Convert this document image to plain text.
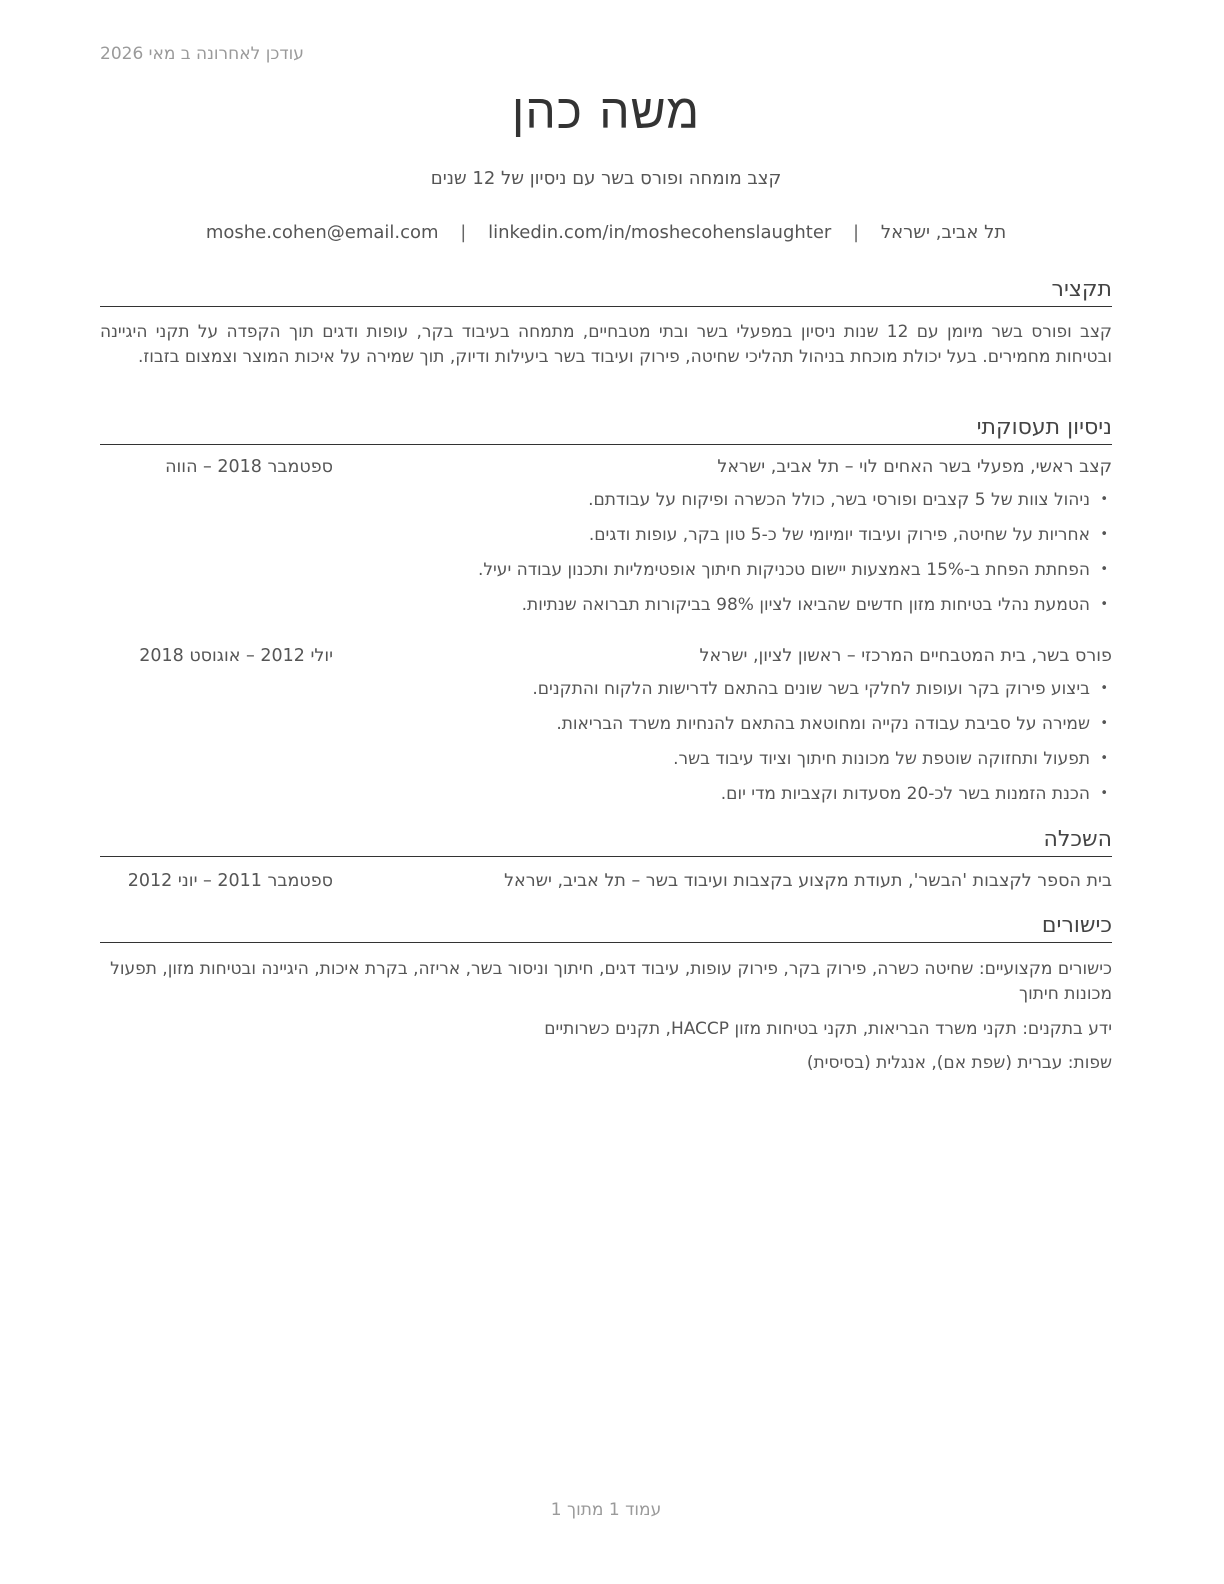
עודכן לאחרונה ב מאי 2026
משה כהן
קצב מומחה ופורס בשר עם ניסיון של 12 שנים
תל אביב, ישראל | moshe.cohen@email.com | linkedin.com/in/moshecohenslaughter
תקציר
קצב ופורס בשר מיומן עם 12 שנות ניסיון במפעלי בשר ובתי מטבחיים, מתמחה בעיבוד בקר, עופות ודגים תוך הקפדה על תקני היגיינה ובטיחות מחמירים. בעל יכולת מוכחת בניהול תהליכי שחיטה, פירוק ועיבוד בשר ביעילות ודיוק, תוך שמירה על איכות המוצר וצמצום בזבוז.
ניסיון תעסוקתי
קצב ראשי, מפעלי בשר האחים לוי – תל אביב, ישראל
ספטמבר 2018 – הווה
• ניהול צוות של 5 קצבים ופורסי בשר, כולל הכשרה ופיקוח על עבודתם.
• אחריות על שחיטה, פירוק ועיבוד יומיומי של כ-5 טון בקר, עופות ודגים.
• הפחתת הפחת ב-15% באמצעות יישום טכניקות חיתוך אופטימליות ותכנון עבודה יעיל.
• הטמעת נהלי בטיחות מזון חדשים שהביאו לציון 98% בביקורות תברואה שנתיות.
פורס בשר, בית המטבחיים המרכזי – ראשון לציון, ישראל
יולי 2012 – אוגוסט 2018
• ביצוע פירוק בקר ועופות לחלקי בשר שונים בהתאם לדרישות הלקוח והתקנים.
• שמירה על סביבת עבודה נקייה ומחוטאת בהתאם להנחיות משרד הבריאות.
• תפעול ותחזוקה שוטפת של מכונות חיתוך וציוד עיבוד בשר.
• הכנת הזמנות בשר לכ-20 מסעדות וקצביות מדי יום.
השכלה
בית הספר לקצבות 'הבשר', תעודת מקצוע בקצבות ועיבוד בשר – תל אביב, ישראל
ספטמבר 2011 – יוני 2012
כישורים
כישורים מקצועיים: שחיטה כשרה, פירוק בקר, פירוק עופות, עיבוד דגים, חיתוך וניסור בשר, אריזה, בקרת איכות, היגיינה ובטיחות מזון, תפעול מכונות חיתוך
ידע בתקנים: תקני משרד הבריאות, תקני בטיחות מזון HACCP, תקנים כשרותיים
שפות: עברית (שפת אם), אנגלית (בסיסית)
עמוד 1 מתוך 1
